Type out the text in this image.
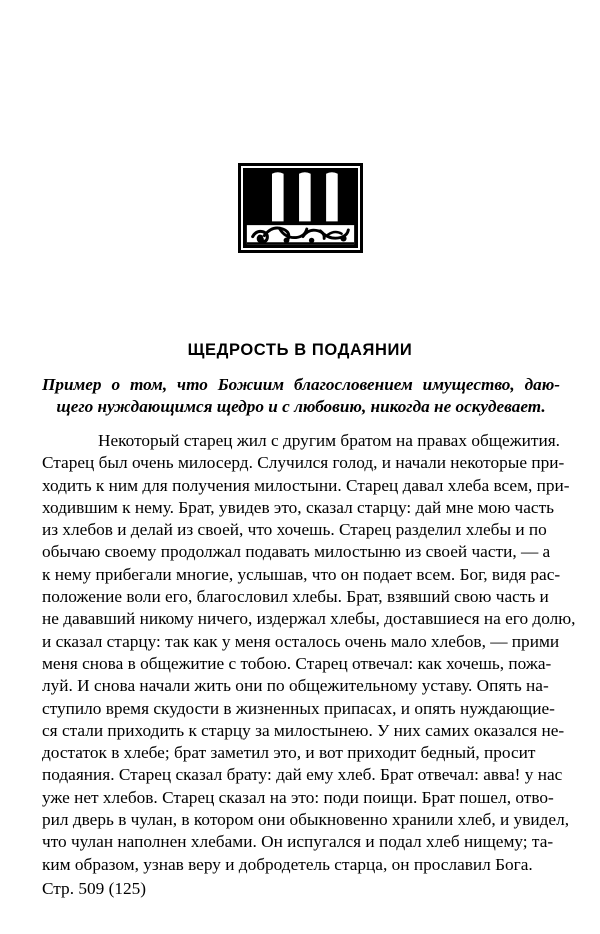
ЩЕДРОСТЬ В ПОДАЯНИИ
Пример о том, что Божиим благословением имущество, даю- щего нуждающимся щедро и с любовию, никогда не оскудевает.
Некоторый старец жил с другим братом на правах общежития.
Старец был очень милосерд. Случился голод, и начали некоторые при-
ходить к ним для получения милостыни. Старец давал хлеба всем, при-
ходившим к нему. Брат, увидев это, сказал старцу: дай мне мою часть
из хлебов и делай из своей, что хочешь. Старец разделил хлебы и по
обычаю своему продолжал подавать милостыню из своей части, — а
к нему прибегали многие, услышав, что он подает всем. Бог, видя рас-
положение воли его, благословил хлебы. Брат, взявший свою часть и
не дававший никому ничего, издержал хлебы, доставшиеся на его долю,
и сказал старцу: так как у меня осталось очень мало хлебов, — прими
меня снова в общежитие с тобою. Старец отвечал: как хочешь, пожа-
луй. И снова начали жить они по общежительному уставу. Опять на-
ступило время скудости в жизненных припасах, и опять нуждающие-
ся стали приходить к старцу за милостынею. У них самих оказался не-
достаток в хлебе; брат заметил это, и вот приходит бедный, просит
подаяния. Старец сказал брату: дай ему хлеб. Брат отвечал: авва! у нас
уже нет хлебов. Старец сказал на это: поди поищи. Брат пошел, отво-
рил дверь в чулан, в котором они обыкновенно хранили хлеб, и увидел,
что чулан наполнен хлебами. Он испугался и подал хлеб нищему; та-
ким образом, узнав веру и добродетель старца, он прославил Бога.
Стр. 509 (125)
